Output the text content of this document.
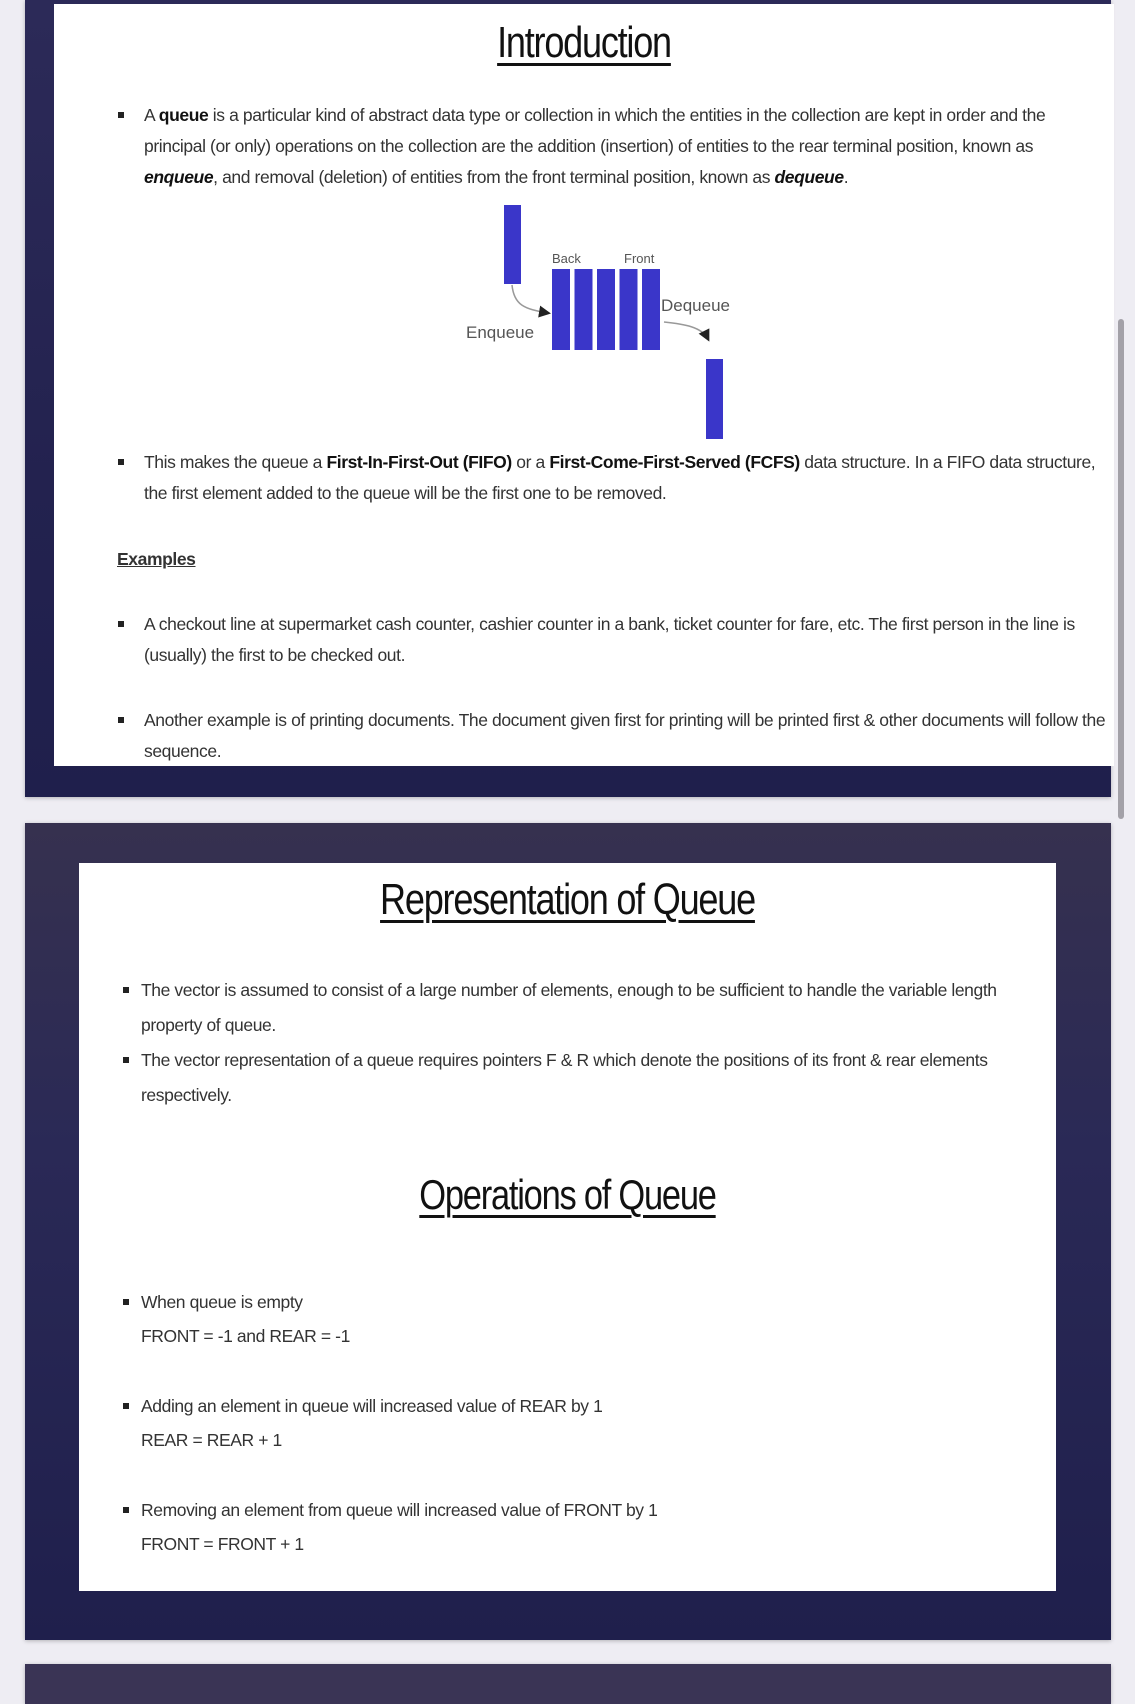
Introduction
A queue is a particular kind of abstract data type or collection in which the entities in the collection are kept in order and the principal (or only) operations on the collection are the addition (insertion) of entities to the rear terminal position, known as enqueue, and removal (deletion) of entities from the front terminal position, known as dequeue.
Back	Front
Enqueue
Dequeue
This makes the queue a First-In-First-Out (FIFO) or a First-Come-First-Served (FCFS) data structure. In a FIFO data structure, the first element added to the queue will be the first one to be removed.
Examples
A checkout line at supermarket cash counter, cashier counter in a bank, ticket counter for fare, etc. The first person in the line is (usually) the first to be checked out.
Another example is of printing documents. The document given first for printing will be printed first & other documents will follow the sequence.
Representation of Queue
The vector is assumed to consist of a large number of elements, enough to be sufficient to handle the variable length property of queue.
The vector representation of a queue requires pointers F & R which denote the positions of its front & rear elements respectively.
Operations of Queue
When queue is empty
FRONT = -1 and REAR = -1
Adding an element in queue will increased value of REAR by 1
REAR = REAR + 1
Removing an element from queue will increased value of FRONT by 1
FRONT = FRONT + 1
